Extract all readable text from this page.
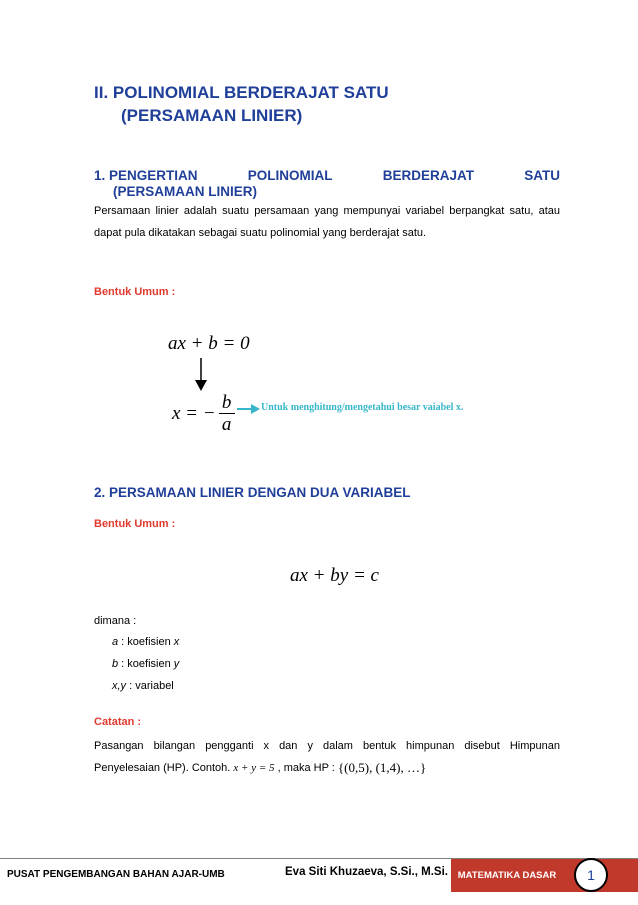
II. POLINOMIAL BERDERAJAT SATU
(PERSAMAAN LINIER)
1. PENGERTIAN	POLINOMIAL	BERDERAJAT	SATU
(PERSAMAAN LINIER)
Persamaan linier adalah suatu persamaan yang mempunyai variabel berpangkat satu, atau dapat pula dikatakan sebagai suatu polinomial yang berderajat satu.
Bentuk Umum :
ax + b = 0
x = − b
a
Untuk menghitung/mengetahui besar vaiabel x.
2. PERSAMAAN LINIER DENGAN DUA VARIABEL
Bentuk Umum :
ax + by = c
dimana :
a : koefisien x
b : koefisien y
x,y : variabel
Catatan :
Pasangan bilangan pengganti x dan y dalam bentuk himpunan disebut Himpunan
Penyelesaian (HP). Contoh. x + y = 5 , maka HP : {(0,5), (1,4), …}
PUSAT PENGEMBANGAN BAHAN AJAR-UMB	Eva Siti Khuzaeva, S.Si., M.Si. MATEMATIKA DASAR 1
